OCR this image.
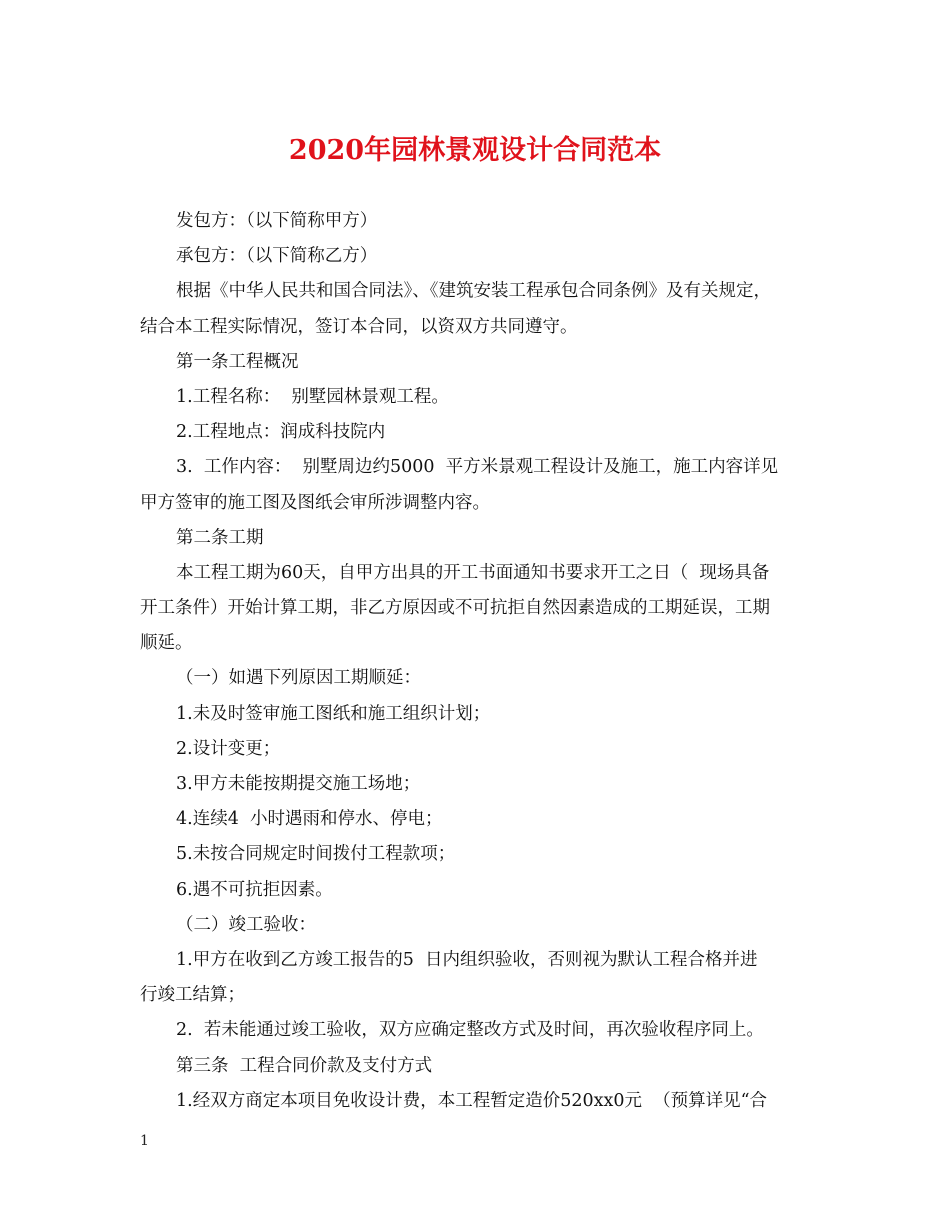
2020年园林景观设计合同范本
发包方：（以下简称甲方）
承包方：（以下简称乙方）
根据《中华人民共和国合同法》、《建筑安装工程承包合同条例》及有关规定，
结合本工程实际情况，签订本合同，以资双方共同遵守。
第一条工程概况
1.工程名称：  别墅园林景观工程。
2.工程地点：润成科技院内
3.  工作内容：  别墅周边约5000  平方米景观工程设计及施工，施工内容详见
甲方签审的施工图及图纸会审所涉调整内容。
第二条工期
本工程工期为60天，自甲方出具的开工书面通知书要求开工之日（  现场具备
开工条件）开始计算工期，非乙方原因或不可抗拒自然因素造成的工期延误，工期
顺延。
（一）如遇下列原因工期顺延：
1.未及时签审施工图纸和施工组织计划；
2.设计变更；
3.甲方未能按期提交施工场地；
4.连续4  小时遇雨和停水、停电；
5.未按合同规定时间拨付工程款项；
6.遇不可抗拒因素。
（二）竣工验收：
1.甲方在收到乙方竣工报告的5  日内组织验收，否则视为默认工程合格并进
行竣工结算；
2.  若未能通过竣工验收，双方应确定整改方式及时间，再次验收程序同上。
第三条  工程合同价款及支付方式
1.经双方商定本项目免收设计费，本工程暂定造价520xx0元  （预算详见“合
1
